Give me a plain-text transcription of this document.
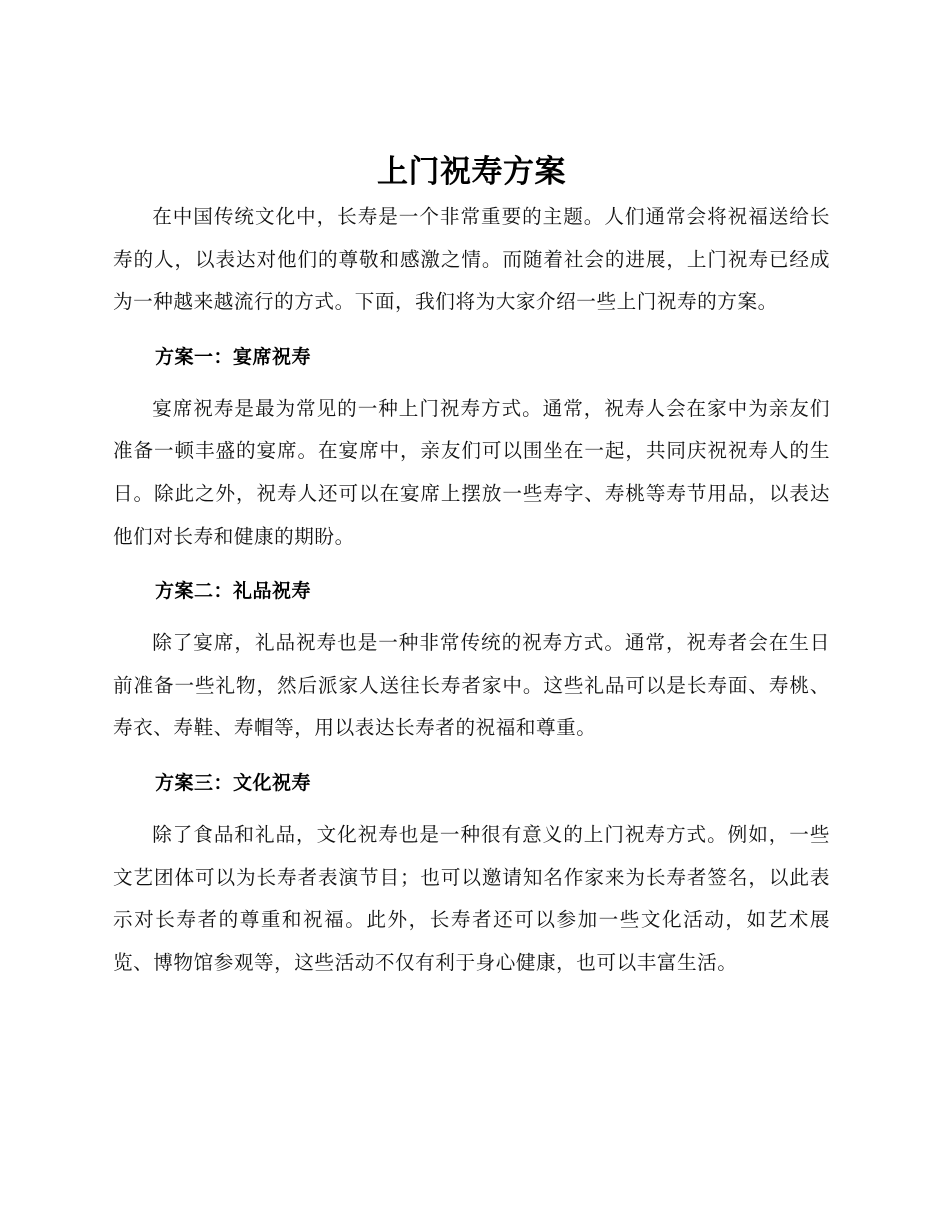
上门祝寿方案

在中国传统文化中，长寿是一个非常重要的主题。人们通常会将祝福送给长寿的人，以表达对他们的尊敬和感激之情。而随着社会的进展，上门祝寿已经成为一种越来越流行的方式。下面，我们将为大家介绍一些上门祝寿的方案。

方案一：宴席祝寿

宴席祝寿是最为常见的一种上门祝寿方式。通常，祝寿人会在家中为亲友们准备一顿丰盛的宴席。在宴席中，亲友们可以围坐在一起，共同庆祝祝寿人的生日。除此之外，祝寿人还可以在宴席上摆放一些寿字、寿桃等寿节用品，以表达他们对长寿和健康的期盼。

方案二：礼品祝寿

除了宴席，礼品祝寿也是一种非常传统的祝寿方式。通常，祝寿者会在生日前准备一些礼物，然后派家人送往长寿者家中。这些礼品可以是长寿面、寿桃、寿衣、寿鞋、寿帽等，用以表达长寿者的祝福和尊重。

方案三：文化祝寿

除了食品和礼品，文化祝寿也是一种很有意义的上门祝寿方式。例如，一些文艺团体可以为长寿者表演节目；也可以邀请知名作家来为长寿者签名，以此表示对长寿者的尊重和祝福。此外，长寿者还可以参加一些文化活动，如艺术展览、博物馆参观等，这些活动不仅有利于身心健康，也可以丰富生活。
